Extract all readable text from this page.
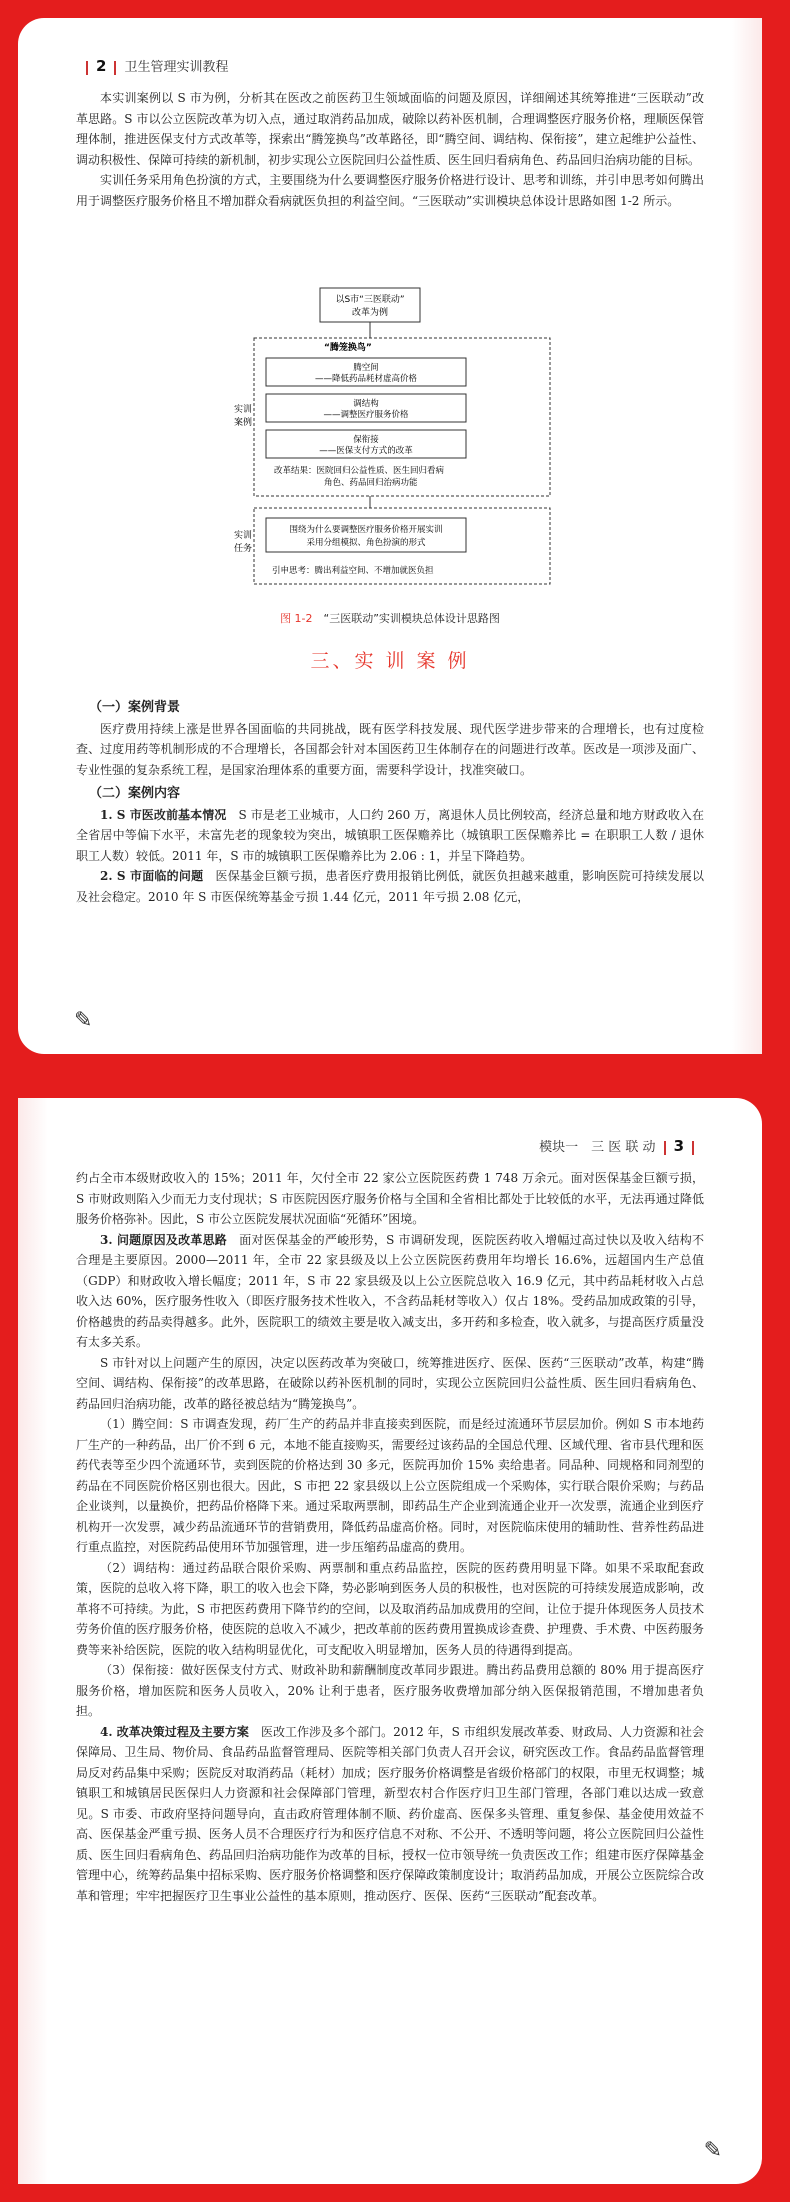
2 卫生管理实训教程

本实训案例以 S 市为例，分析其在医改之前医药卫生领域面临的问题及原因，详细阐述其统筹推进“三医联动”改革思路。S 市以公立医院改革为切入点，通过取消药品加成，破除以药补医机制，合理调整医疗服务价格，理顺医保管理体制，推进医保支付方式改革等，探索出“腾笼换鸟”改革路径，即“腾空间、调结构、保衔接”，建立起维护公益性、调动积极性、保障可持续的新机制，初步实现公立医院回归公益性质、医生回归看病角色、药品回归治病功能的目标。

实训任务采用角色扮演的方式，主要围绕为什么要调整医疗服务价格进行设计、思考和训练，并引申思考如何腾出用于调整医疗服务价格且不增加群众看病就医负担的利益空间。“三医联动”实训模块总体设计思路如图 1-2 所示。

以S市“三医联动”
改革为例
实训
案例
“腾笼换鸟”
腾空间
——降低药品耗材虚高价格
调结构
——调整医疗服务价格
保衔接
——医保支付方式的改革
改革结果：医院回归公益性质、医生回归看病
角色、药品回归治病功能
实训
任务
围绕为什么要调整医疗服务价格开展实训
采用分组模拟、角色扮演的形式
引申思考：腾出利益空间、不增加就医负担
图 1-2　 “三医联动”实训模块总体设计思路图
三、实 训 案 例
（一）案例背景

医疗费用持续上涨是世界各国面临的共同挑战，既有医学科技发展、现代医学进步带来的合理增长，也有过度检查、过度用药等机制形成的不合理增长，各国都会针对本国医药卫生体制存在的问题进行改革。医改是一项涉及面广、专业性强的复杂系统工程，是国家治理体系的重要方面，需要科学设计，找准突破口。

（二）案例内容

1. S 市医改前基本情况　 S 市是老工业城市，人口约 260 万，离退休人员比例较高，经济总量和地方财政收入在全省居中等偏下水平，未富先老的现象较为突出，城镇职工医保赡养比（城镇职工医保赡养比 = 在职职工人数 / 退休职工人数）较低。2011 年，S 市的城镇职工医保赡养比为 2.06 : 1，并呈下降趋势。

2. S 市面临的问题　 医保基金巨额亏损，患者医疗费用报销比例低，就医负担越来越重，影响医院可持续发展以及社会稳定。2010 年 S 市医保统筹基金亏损 1.44 亿元，2011 年亏损 2.08 亿元，

✎
模块一　三 医 联 动 3

约占全市本级财政收入的 15%；2011 年，欠付全市 22 家公立医院医药费 1 748 万余元。面对医保基金巨额亏损，S 市财政则陷入少而无力支付现状；S 市医院因医疗服务价格与全国和全省相比都处于比较低的水平，无法再通过降低服务价格弥补。因此，S 市公立医院发展状况面临“死循环”困境。

3. 问题原因及改革思路　 面对医保基金的严峻形势，S 市调研发现，医院医药收入增幅过高过快以及收入结构不合理是主要原因。2000—2011 年，全市 22 家县级及以上公立医院医药费用年均增长 16.6%，远超国内生产总值（GDP）和财政收入增长幅度；2011 年，S 市 22 家县级及以上公立医院总收入 16.9 亿元，其中药品耗材收入占总收入达 60%，医疗服务性收入（即医疗服务技术性收入，不含药品耗材等收入）仅占 18%。受药品加成政策的引导，价格越贵的药品卖得越多。此外，医院职工的绩效主要是收入减支出，多开药和多检查，收入就多，与提高医疗质量没有太多关系。

S 市针对以上问题产生的原因，决定以医药改革为突破口，统筹推进医疗、医保、医药“三医联动”改革，构建“腾空间、调结构、保衔接”的改革思路，在破除以药补医机制的同时，实现公立医院回归公益性质、医生回归看病角色、药品回归治病功能，改革的路径被总结为“腾笼换鸟”。

（1）腾空间：S 市调查发现，药厂生产的药品并非直接卖到医院，而是经过流通环节层层加价。例如 S 市本地药厂生产的一种药品，出厂价不到 6 元，本地不能直接购买，需要经过该药品的全国总代理、区域代理、省市县代理和医药代表等至少四个流通环节，卖到医院的价格达到 30 多元，医院再加价 15% 卖给患者。同品种、同规格和同剂型的药品在不同医院价格区别也很大。因此，S 市把 22 家县级以上公立医院组成一个采购体，实行联合限价采购；与药品企业谈判，以量换价，把药品价格降下来。通过采取两票制，即药品生产企业到流通企业开一次发票，流通企业到医疗机构开一次发票，减少药品流通环节的营销费用，降低药品虚高价格。同时，对医院临床使用的辅助性、营养性药品进行重点监控，对医院药品使用环节加强管理，进一步压缩药品虚高的费用。

（2）调结构：通过药品联合限价采购、两票制和重点药品监控，医院的医药费用明显下降。如果不采取配套政策，医院的总收入将下降，职工的收入也会下降，势必影响到医务人员的积极性，也对医院的可持续发展造成影响，改革将不可持续。为此，S 市把医药费用下降节约的空间，以及取消药品加成费用的空间，让位于提升体现医务人员技术劳务价值的医疗服务价格，使医院的总收入不减少，把改革前的医药费用置换成诊查费、护理费、手术费、中医药服务费等来补给医院，医院的收入结构明显优化，可支配收入明显增加，医务人员的待遇得到提高。

（3）保衔接：做好医保支付方式、财政补助和薪酬制度改革同步跟进。腾出药品费用总额的 80% 用于提高医疗服务价格，增加医院和医务人员收入，20% 让利于患者，医疗服务收费增加部分纳入医保报销范围，不增加患者负担。

4. 改革决策过程及主要方案　 医改工作涉及多个部门。2012 年，S 市组织发展改革委、财政局、人力资源和社会保障局、卫生局、物价局、食品药品监督管理局、医院等相关部门负责人召开会议，研究医改工作。食品药品监督管理局反对药品集中采购；医院反对取消药品（耗材）加成；医疗服务价格调整是省级价格部门的权限，市里无权调整；城镇职工和城镇居民医保归人力资源和社会保障部门管理，新型农村合作医疗归卫生部门管理，各部门难以达成一致意见。S 市委、市政府坚持问题导向，直击政府管理体制不顺、药价虚高、医保多头管理、重复参保、基金使用效益不高、医保基金严重亏损、医务人员不合理医疗行为和医疗信息不对称、不公开、不透明等问题，将公立医院回归公益性质、医生回归看病角色、药品回归治病功能作为改革的目标，授权一位市领导统一负责医改工作；组建市医疗保障基金管理中心，统筹药品集中招标采购、医疗服务价格调整和医疗保障政策制度设计；取消药品加成，开展公立医院综合改革和管理；牢牢把握医疗卫生事业公益性的基本原则，推动医疗、医保、医药“三医联动”配套改革。

✎
